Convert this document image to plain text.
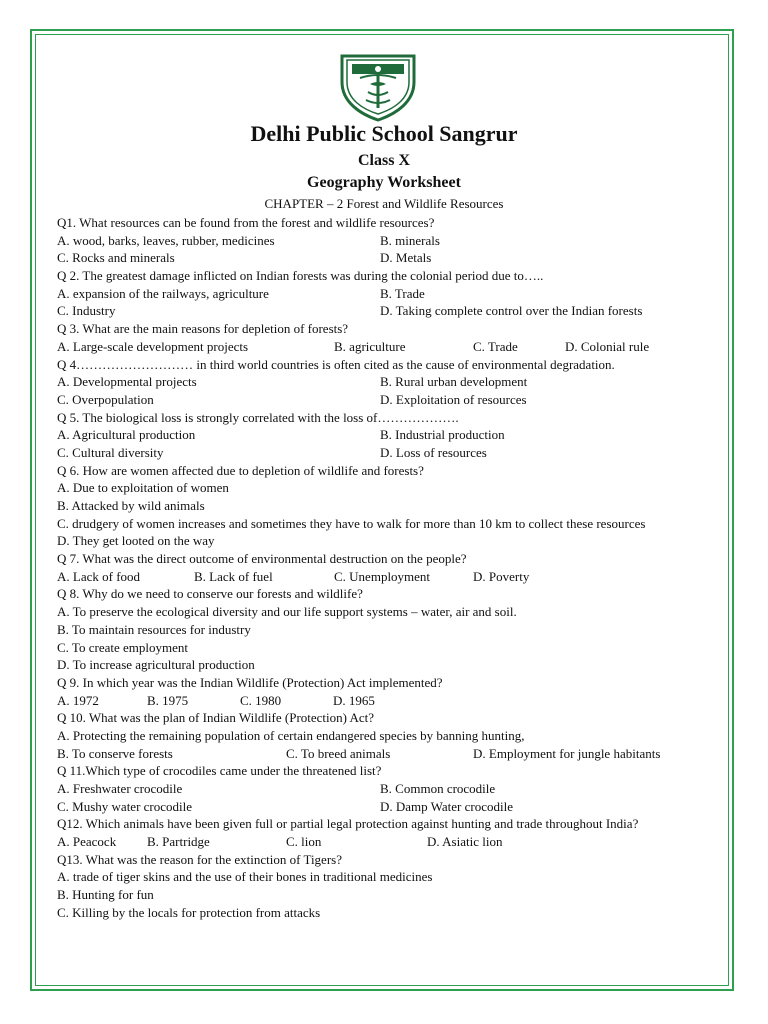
Delhi Public School Sangrur
Class X
Geography Worksheet
CHAPTER – 2 Forest and Wildlife Resources
Q1. What resources can be found from the forest and wildlife resources?
A. wood, barks, leaves, rubber, medicines	B. minerals
C. Rocks and minerals	D. Metals
Q 2. The greatest damage inflicted on Indian forests was during the colonial period due to…..
A. expansion of the railways, agriculture	B. Trade
C. Industry	D. Taking complete control over the Indian forests
Q 3. What are the main reasons for depletion of forests?
A. Large-scale development projects	B. agriculture	C. Trade	D. Colonial rule
Q 4……………………… in third world countries is often cited as the cause of environmental degradation.
A. Developmental projects	B. Rural urban development
C. Overpopulation	D. Exploitation of resources
Q 5. The biological loss is strongly correlated with the loss of……………….
A. Agricultural production	B. Industrial production
C. Cultural diversity	D. Loss of resources
Q 6. How are women affected due to depletion of wildlife and forests?
A. Due to exploitation of women
B. Attacked by wild animals
C. drudgery of women increases and sometimes they have to walk for more than 10 km to collect these resources
D. They get looted on the way
Q 7. What was the direct outcome of environmental destruction on the people?
A. Lack of food	B. Lack of fuel	C. Unemployment	D. Poverty
Q 8. Why do we need to conserve our forests and wildlife?
A. To preserve the ecological diversity and our life support systems – water, air and soil.
B. To maintain resources for industry
C. To create employment
D. To increase agricultural production
Q 9. In which year was the Indian Wildlife (Protection) Act implemented?
A. 1972	B. 1975	C. 1980	D. 1965
Q 10. What was the plan of Indian Wildlife (Protection) Act?
A. Protecting the remaining population of certain endangered species by banning hunting,
B. To conserve forests	C. To breed animals	D. Employment for jungle habitants
Q 11.Which type of crocodiles came under the threatened list?
A. Freshwater crocodile	B. Common crocodile
C. Mushy water crocodile	D. Damp Water crocodile
Q12. Which animals have been given full or partial legal protection against hunting and trade throughout India?
A. Peacock B. Partridge	C. lion	D. Asiatic lion
Q13. What was the reason for the extinction of Tigers?
A. trade of tiger skins and the use of their bones in traditional medicines
B. Hunting for fun
C. Killing by the locals for protection from attacks
